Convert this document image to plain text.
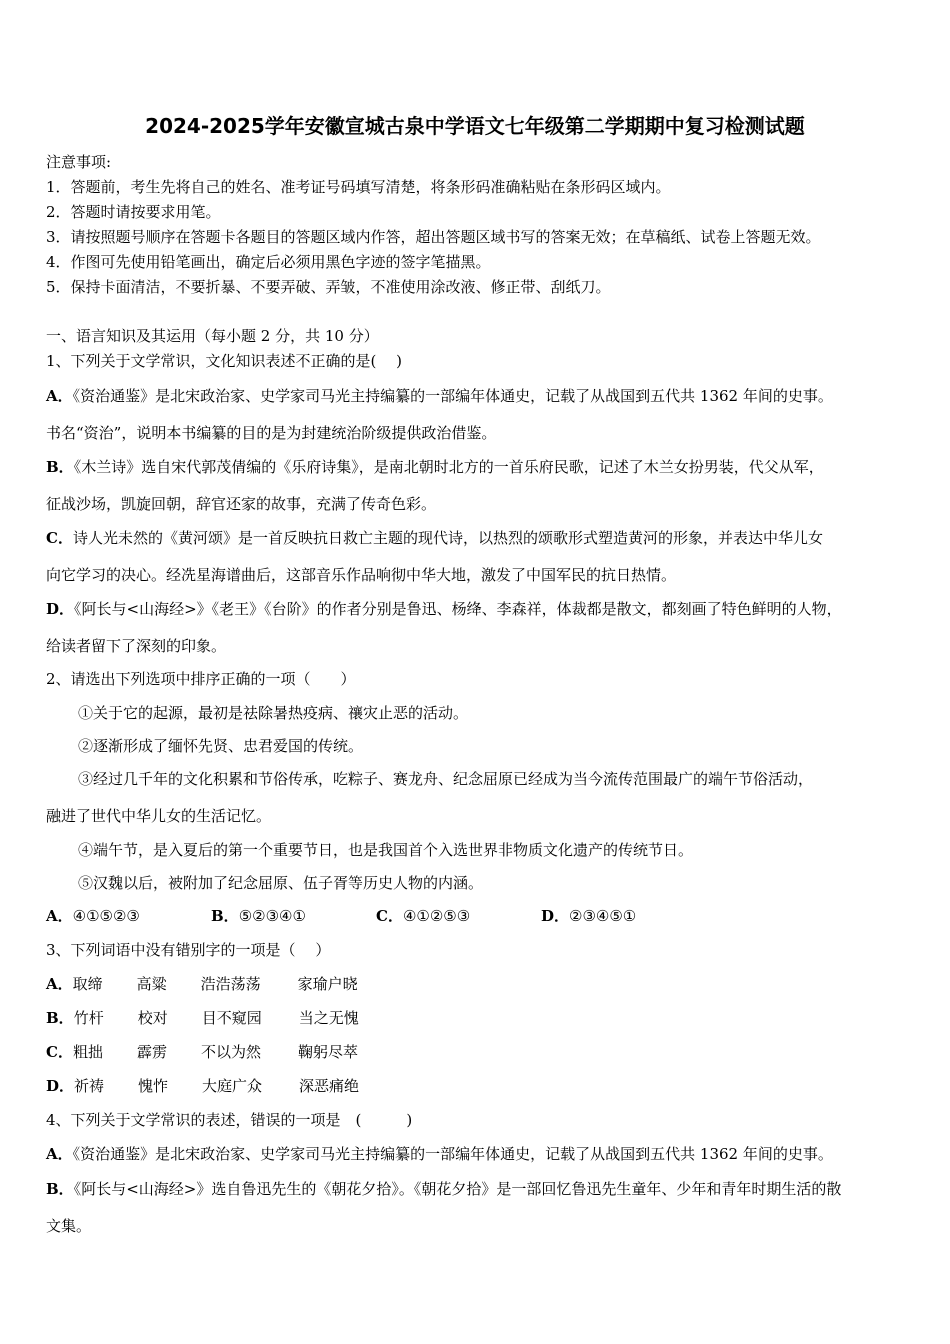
2024-2025学年安徽宣城古泉中学语文七年级第二学期期中复习检测试题
注意事项:
1．答题前，考生先将自己的姓名、准考证号码填写清楚，将条形码准确粘贴在条形码区域内。
2．答题时请按要求用笔。
3．请按照题号顺序在答题卡各题目的答题区域内作答，超出答题区域书写的答案无效；在草稿纸、试卷上答题无效。
4．作图可先使用铅笔画出，确定后必须用黑色字迹的签字笔描黑。
5．保持卡面清洁，不要折暴、不要弄破、弄皱，不准使用涂改液、修正带、刮纸刀。
一、语言知识及其运用（每小题 2 分，共 10 分）
1、下列关于文学常识，文化知识表述不正确的是(　 )
A．《资治通鉴》是北宋政治家、史学家司马光主持编纂的一部编年体通史，记载了从战国到五代共 1362 年间的史事。
书名“资治”，说明本书编纂的目的是为封建统治阶级提供政治借鉴。
B．《木兰诗》选自宋代郭茂倩编的《乐府诗集》，是南北朝时北方的一首乐府民歌，记述了木兰女扮男装，代父从军，
征战沙场，凯旋回朝，辞官还家的故事，充满了传奇色彩。
C．诗人光未然的《黄河颂》是一首反映抗日救亡主题的现代诗，以热烈的颂歌形式塑造黄河的形象，并表达中华儿女
向它学习的决心。经冼星海谱曲后，这部音乐作品响彻中华大地，激发了中国军民的抗日热情。
D．《阿长与<山海经>》《老王》《台阶》的作者分别是鲁迅、杨绛、李森祥，体裁都是散文，都刻画了特色鲜明的人物，
给读者留下了深刻的印象。
2、请选出下列选项中排序正确的一项（　　）
①关于它的起源，最初是祛除暑热疫病、禳灾止恶的活动。
②逐渐形成了缅怀先贤、忠君爱国的传统。
③经过几千年的文化积累和节俗传承，吃粽子、赛龙舟、纪念屈原已经成为当今流传范围最广的端午节俗活动，
融进了世代中华儿女的生活记忆。
④端午节，是入夏后的第一个重要节日，也是我国首个入选世界非物质文化遗产的传统节日。
⑤汉魏以后，被附加了纪念屈原、伍子胥等历史人物的内涵。
A．④①⑤②③	B．⑤②③④①	C．④①②⑤③	D．②③④⑤①
3、下列词语中没有错别字的一项是（　 ）
A．取缔 高粱 浩浩荡荡 家瑜户晓
B．竹杆 校对 目不窥园 当之无愧
C．粗拙 霹雳 不以为然 鞠躬尽萃
D．祈祷 愧怍 大庭广众 深恶痛绝
4、下列关于文学常识的表述，错误的一项是　(　　　)
A．《资治通鉴》是北宋政治家、史学家司马光主持编纂的一部编年体通史，记载了从战国到五代共 1362 年间的史事。
B．《阿长与<山海经>》选自鲁迅先生的《朝花夕拾》。《朝花夕拾》是一部回忆鲁迅先生童年、少年和青年时期生活的散
文集。
